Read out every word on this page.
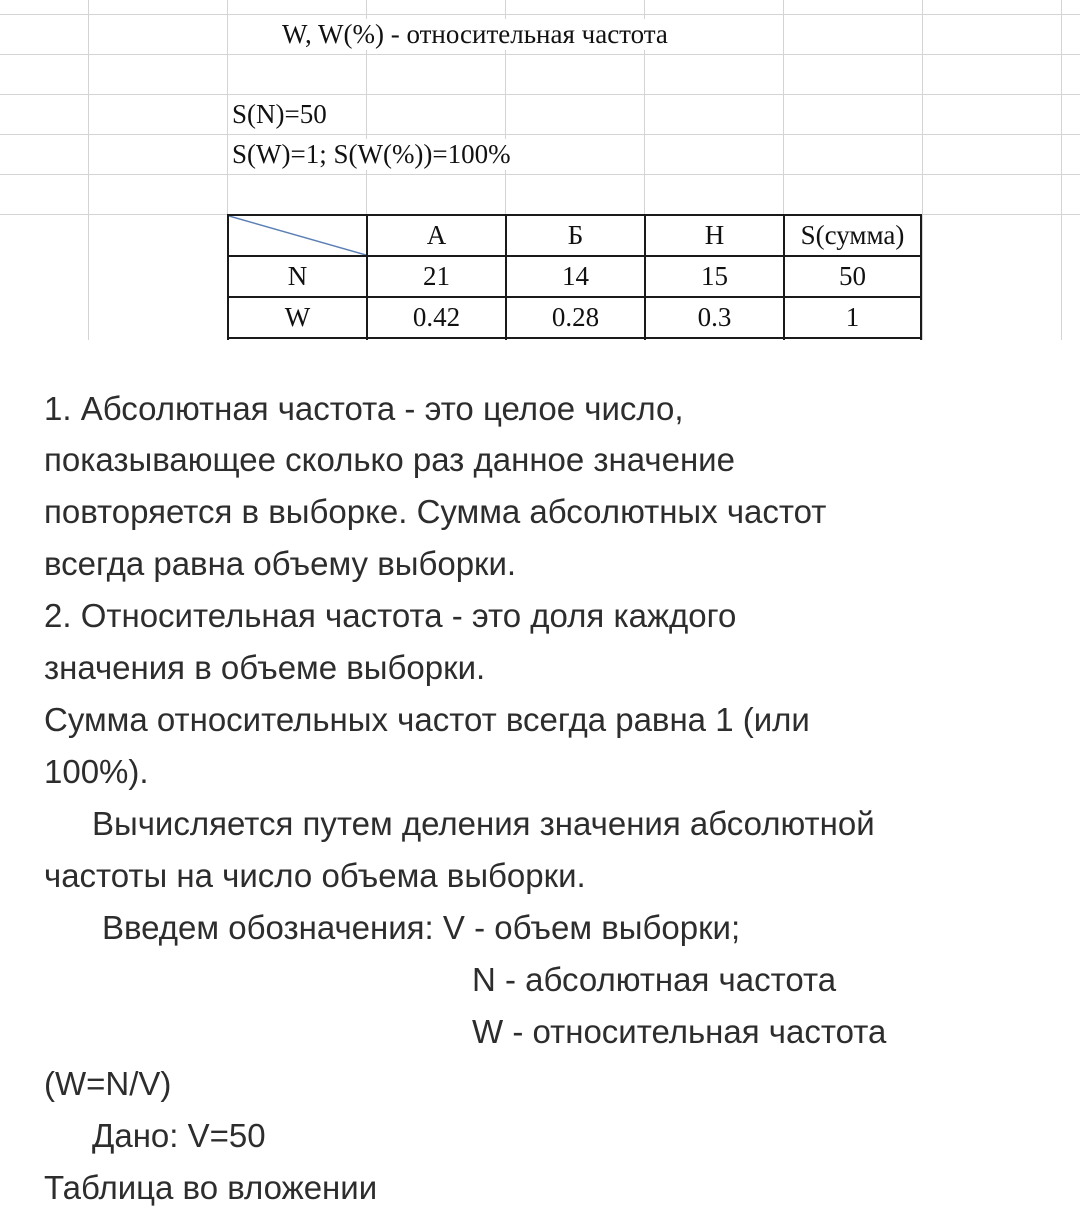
W, W(%) - относительная частота
S(N)=50
S(W)=1; S(W(%))=100%
	A	Б	Н	S(сумма)
N	21	14	15	50
W	0.42	0.28	0.3	1
1. Абсолютная частота - это целое число,
показывающее сколько раз данное значение
повторяется в выборке. Сумма абсолютных частот
всегда равна объему выборки.
2. Относительная частота - это доля каждого
значения в объеме выборки.
Сумма относительных частот всегда равна 1 (или
100%).
Вычисляется путем деления значения абсолютной
частоты на число объема выборки.
Введем обозначения: V - объем выборки;
N - абсолютная частота
W - относительная частота
(W=N/V)
Дано: V=50
Таблица во вложении
